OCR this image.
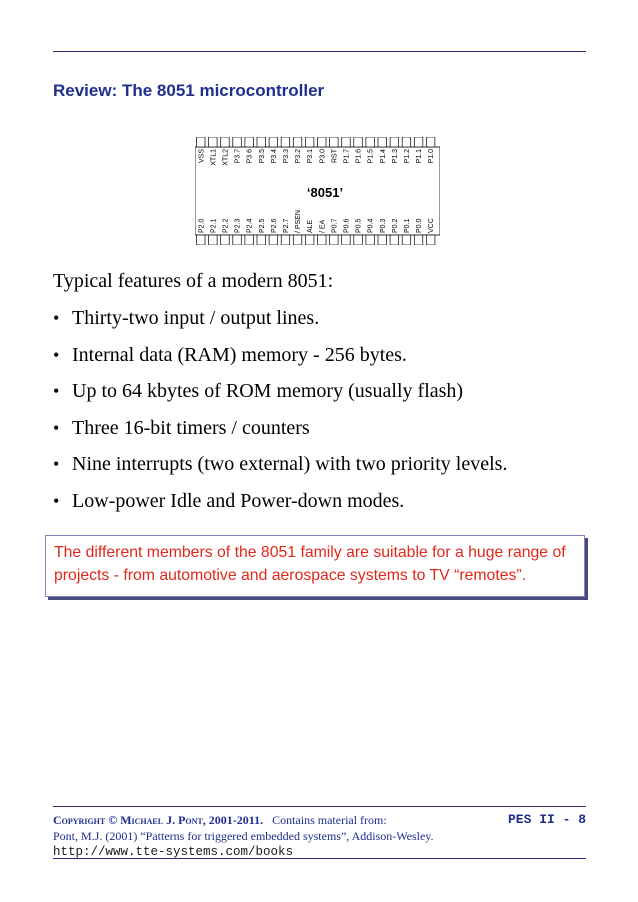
Review: The 8051 microcontroller
VSS XTL1 XTL2 P3.7 P3.6 P3.5 P3.4 P3.3 P3.2 P3.1 P3.0 RST P1.7 P1.6 P1.5 P1.4 P1.3 P1.2 P1.1 P1.0
P2.0 P2.1 P2.2 P2.3 P2.4 P2.5 P2.6 P2.7 / PSEN ALE / EA P0.7 P0.6 P0.5 P0.4 P0.3 P0.2 P0.1 P0.0 VCC
‘8051’
Typical features of a modern 8051:
• Thirty-two input / output lines.
• Internal data (RAM) memory - 256 bytes.
• Up to 64 kbytes of ROM memory (usually flash)
• Three 16-bit timers / counters
• Nine interrupts (two external) with two priority levels.
• Low-power Idle and Power-down modes.
The different members of the 8051 family are suitable for a huge range of projects - from automotive and aerospace systems to TV “remotes”.
Copyright © Michael J. Pont, 2001-2011. Contains material from:
Pont, M.J. (2001) “Patterns for triggered embedded systems”, Addison-Wesley.
http://www.tte-systems.com/books
PES II - 8
